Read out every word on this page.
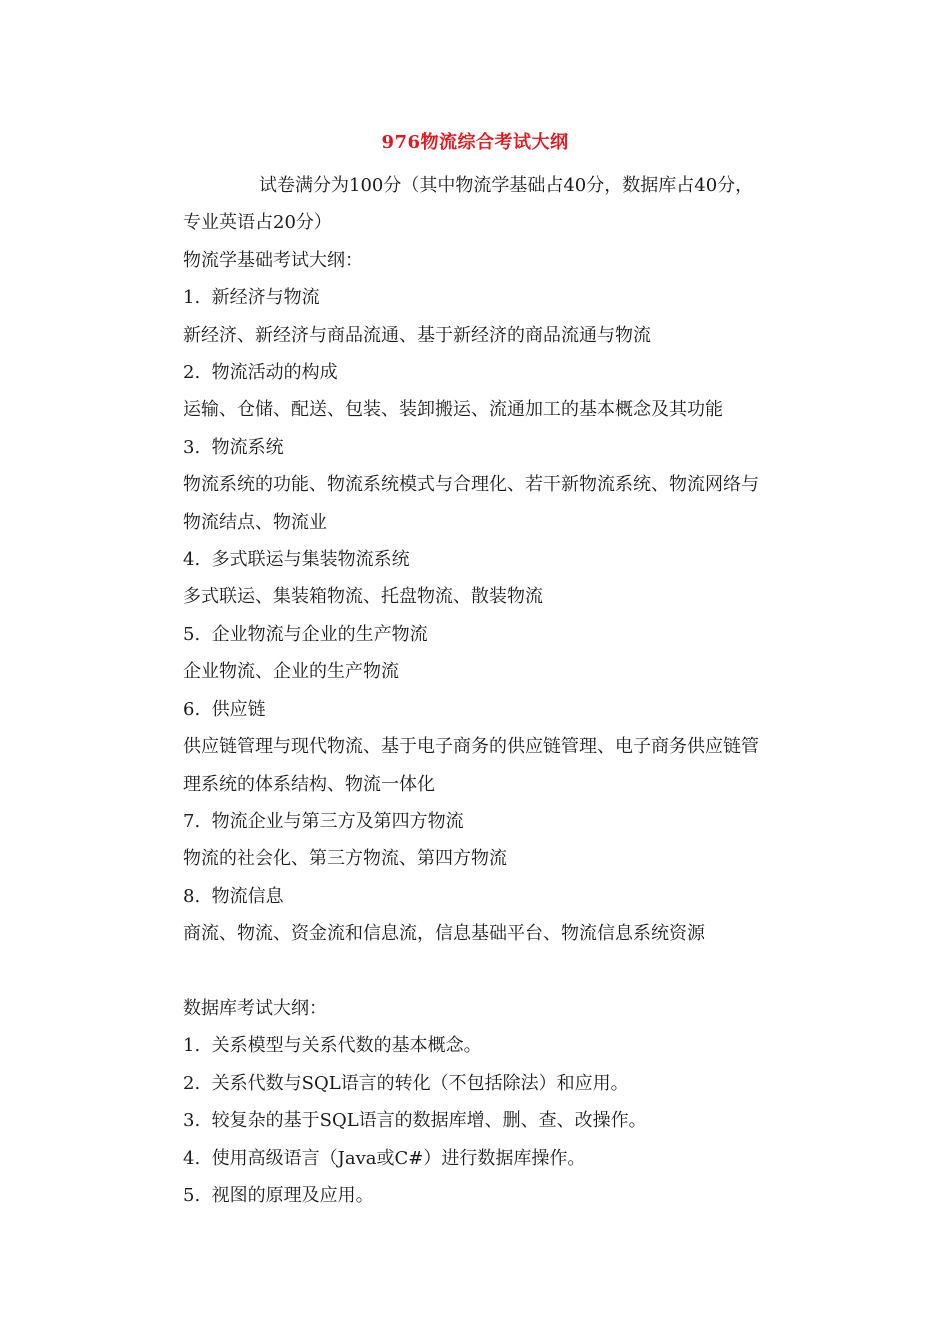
976物流综合考试大纲
试卷满分为100分（其中物流学基础占40分，数据库占40分，专业英语占20分）
物流学基础考试大纲：
1. 新经济与物流
新经济、新经济与商品流通、基于新经济的商品流通与物流
2. 物流活动的构成
运输、仓储、配送、包装、装卸搬运、流通加工的基本概念及其功能
3. 物流系统
物流系统的功能、物流系统模式与合理化、若干新物流系统、物流网络与物流结点、物流业
4. 多式联运与集装物流系统
多式联运、集装箱物流、托盘物流、散装物流
5. 企业物流与企业的生产物流
企业物流、企业的生产物流
6. 供应链
供应链管理与现代物流、基于电子商务的供应链管理、电子商务供应链管理系统的体系结构、物流一体化
7. 物流企业与第三方及第四方物流
物流的社会化、第三方物流、第四方物流
8. 物流信息
商流、物流、资金流和信息流，信息基础平台、物流信息系统资源
数据库考试大纲：
1. 关系模型与关系代数的基本概念。
2. 关系代数与SQL语言的转化（不包括除法）和应用。
3. 较复杂的基于SQL语言的数据库增、删、查、改操作。
4. 使用高级语言（Java或C#）进行数据库操作。
5. 视图的原理及应用。
